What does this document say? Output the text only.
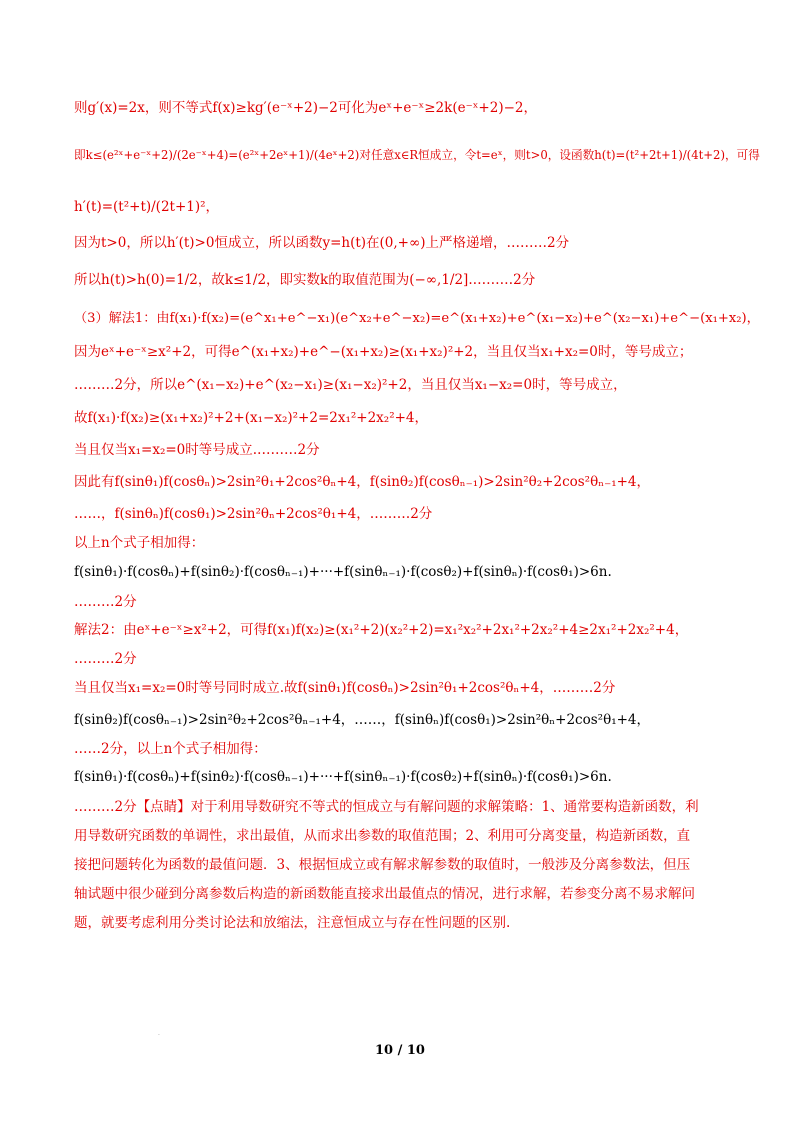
则g′(x)=2x，则不等式f(x)≥kg′(e⁻ˣ+2)−2可化为eˣ+e⁻ˣ≥2k(e⁻ˣ+2)−2，
即k≤(e²ˣ+e⁻ˣ+2)/(2e⁻ˣ+4)=(e²ˣ+2eˣ+1)/(4eˣ+2)对任意x∈R恒成立，令t=eˣ，则t>0，设函数h(t)=(t²+2t+1)/(4t+2)，可得
h′(t)=(t²+t)/(2t+1)²，
因为t>0，所以h′(t)>0恒成立，所以函数y=h(t)在(0,+∞)上严格递增，………2分
所以h(t)>h(0)=1/2，故k≤1/2，即实数k的取值范围为(−∞,1/2].………2分
（3）解法1：由f(x₁)·f(x₂)=(e^x₁+e^−x₁)(e^x₂+e^−x₂)=e^(x₁+x₂)+e^(x₁−x₂)+e^(x₂−x₁)+e^−(x₁+x₂)，
因为eˣ+e⁻ˣ≥x²+2，可得e^(x₁+x₂)+e^−(x₁+x₂)≥(x₁+x₂)²+2，当且仅当x₁+x₂=0时，等号成立；
………2分，所以e^(x₁−x₂)+e^(x₂−x₁)≥(x₁−x₂)²+2，当且仅当x₁−x₂=0时，等号成立，
故f(x₁)·f(x₂)≥(x₁+x₂)²+2+(x₁−x₂)²+2=2x₁²+2x₂²+4，
当且仅当x₁=x₂=0时等号成立.………2分
因此有f(sinθ₁)f(cosθₙ)>2sin²θ₁+2cos²θₙ+4，f(sinθ₂)f(cosθₙ₋₁)>2sin²θ₂+2cos²θₙ₋₁+4，
……，f(sinθₙ)f(cosθ₁)>2sin²θₙ+2cos²θ₁+4，………2分
以上n个式子相加得：
f(sinθ₁)·f(cosθₙ)+f(sinθ₂)·f(cosθₙ₋₁)+···+f(sinθₙ₋₁)·f(cosθ₂)+f(sinθₙ)·f(cosθ₁)>6n.
………2分
解法2：由eˣ+e⁻ˣ≥x²+2，可得f(x₁)f(x₂)≥(x₁²+2)(x₂²+2)=x₁²x₂²+2x₁²+2x₂²+4≥2x₁²+2x₂²+4，
………2分
当且仅当x₁=x₂=0时等号同时成立.故f(sinθ₁)f(cosθₙ)>2sin²θ₁+2cos²θₙ+4，………2分
f(sinθ₂)f(cosθₙ₋₁)>2sin²θ₂+2cos²θₙ₋₁+4，……，f(sinθₙ)f(cosθ₁)>2sin²θₙ+2cos²θ₁+4，
……2分，以上n个式子相加得：
f(sinθ₁)·f(cosθₙ)+f(sinθ₂)·f(cosθₙ₋₁)+···+f(sinθₙ₋₁)·f(cosθ₂)+f(sinθₙ)·f(cosθ₁)>6n.
………2分【点睛】对于利用导数研究不等式的恒成立与有解问题的求解策略：1、通常要构造新函数，利
用导数研究函数的单调性，求出最值，从而求出参数的取值范围；2、利用可分离变量，构造新函数，直
接把问题转化为函数的最值问题．3、根据恒成立或有解求解参数的取值时，一般涉及分离参数法，但压
轴试题中很少碰到分离参数后构造的新函数能直接求出最值点的情况，进行求解，若参变分离不易求解问
题，就要考虑利用分类讨论法和放缩法，注意恒成立与存在性问题的区别.
·
10 / 10
